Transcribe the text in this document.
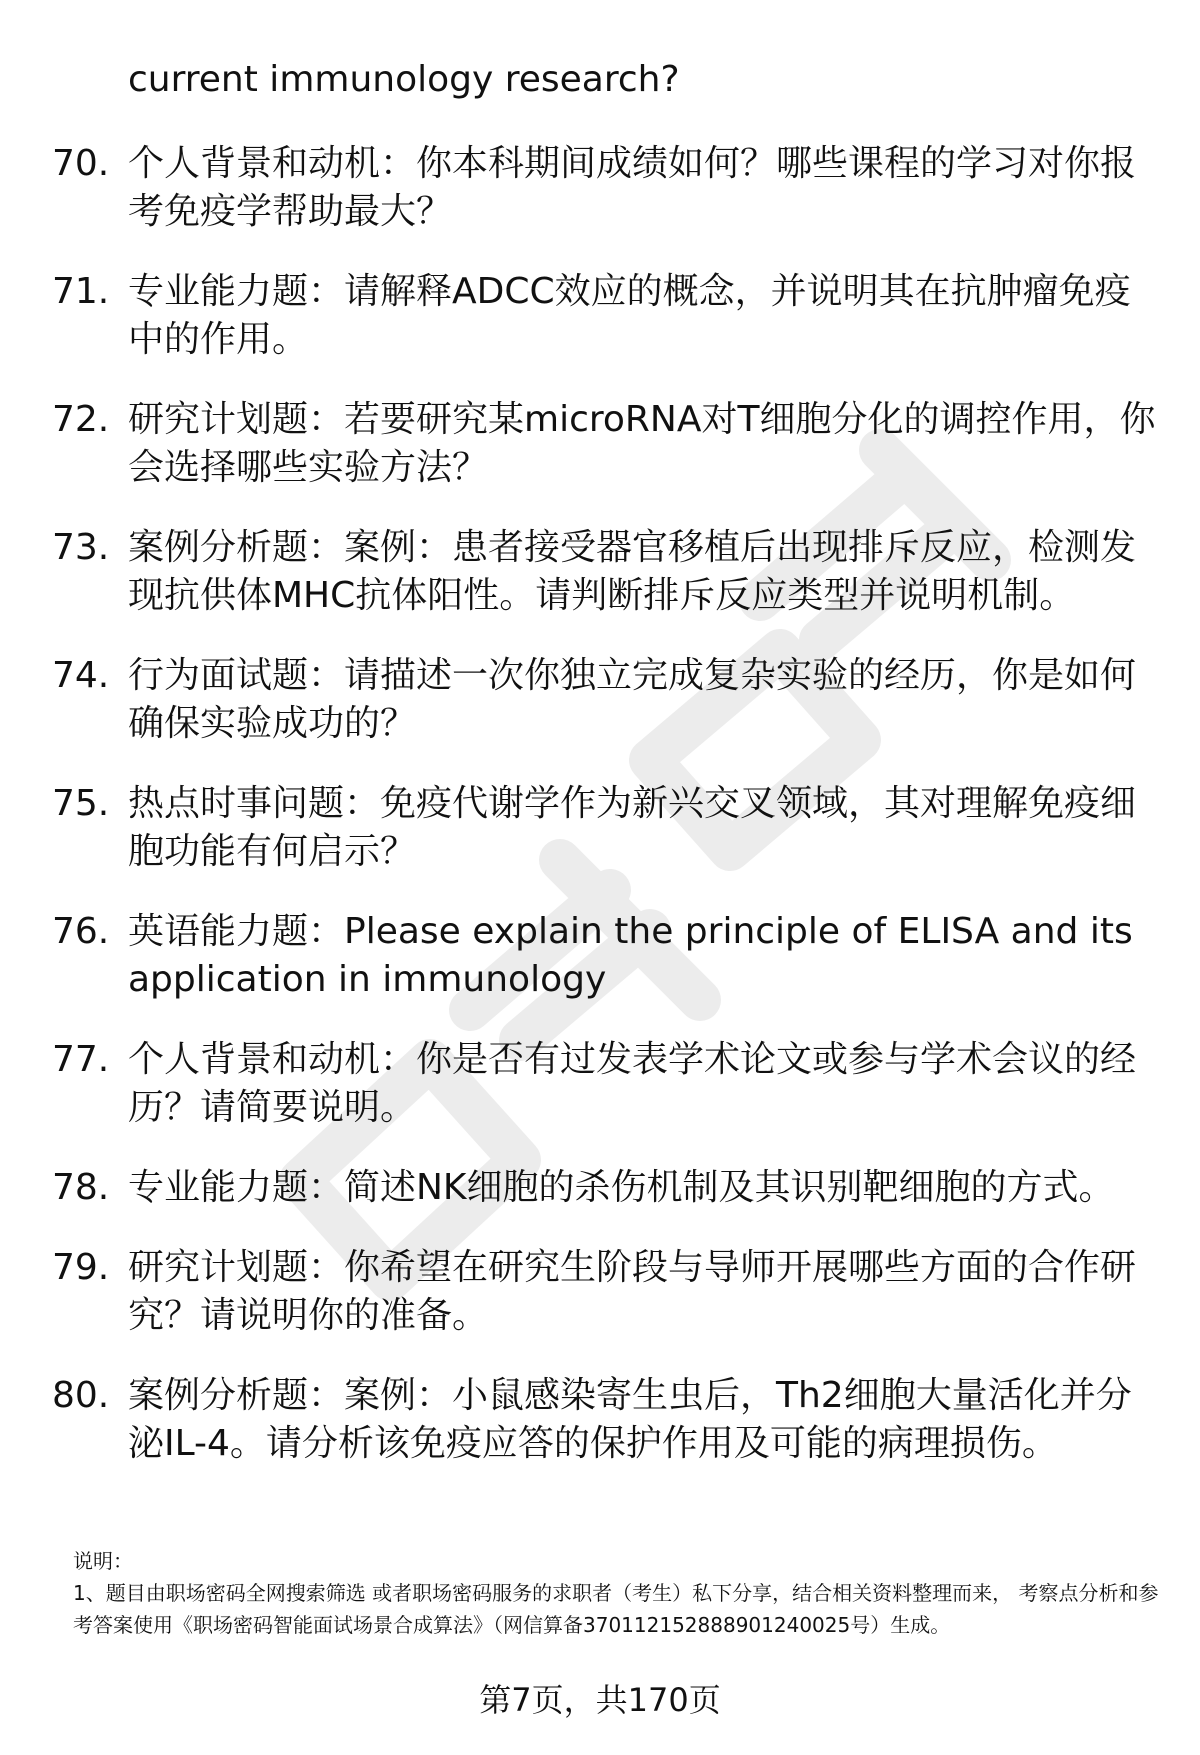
current immunology research?

70. 个人背景和动机：你本科期间成绩如何？哪些课程的学习对你报考免疫学帮助最大？
71. 专业能力题：请解释ADCC效应的概念，并说明其在抗肿瘤免疫中的作用。
72. 研究计划题：若要研究某microRNA对T细胞分化的调控作用，你会选择哪些实验方法？
73. 案例分析题：案例：患者接受器官移植后出现排斥反应，检测发现抗供体MHC抗体阳性。请判断排斥反应类型并说明机制。
74. 行为面试题：请描述一次你独立完成复杂实验的经历，你是如何确保实验成功的？
75. 热点时事问题：免疫代谢学作为新兴交叉领域，其对理解免疫细胞功能有何启示？
76. 英语能力题：Please explain the principle of ELISA and its application in immunology
77. 个人背景和动机：你是否有过发表学术论文或参与学术会议的经历？请简要说明。
78. 专业能力题：简述NK细胞的杀伤机制及其识别靶细胞的方式。
79. 研究计划题：你希望在研究生阶段与导师开展哪些方面的合作研究？请说明你的准备。
80. 案例分析题：案例：小鼠感染寄生虫后，Th2细胞大量活化并分泌IL-4。请分析该免疫应答的保护作用及可能的病理损伤。

说明：

1、题目由职场密码全网搜索筛选 或者职场密码服务的求职者（考生）私下分享，结合相关资料整理而来， 考察点分析和参考答案使用《职场密码智能面试场景合成算法》（网信算备370112152888901240025号）生成。

第7页，共170页
